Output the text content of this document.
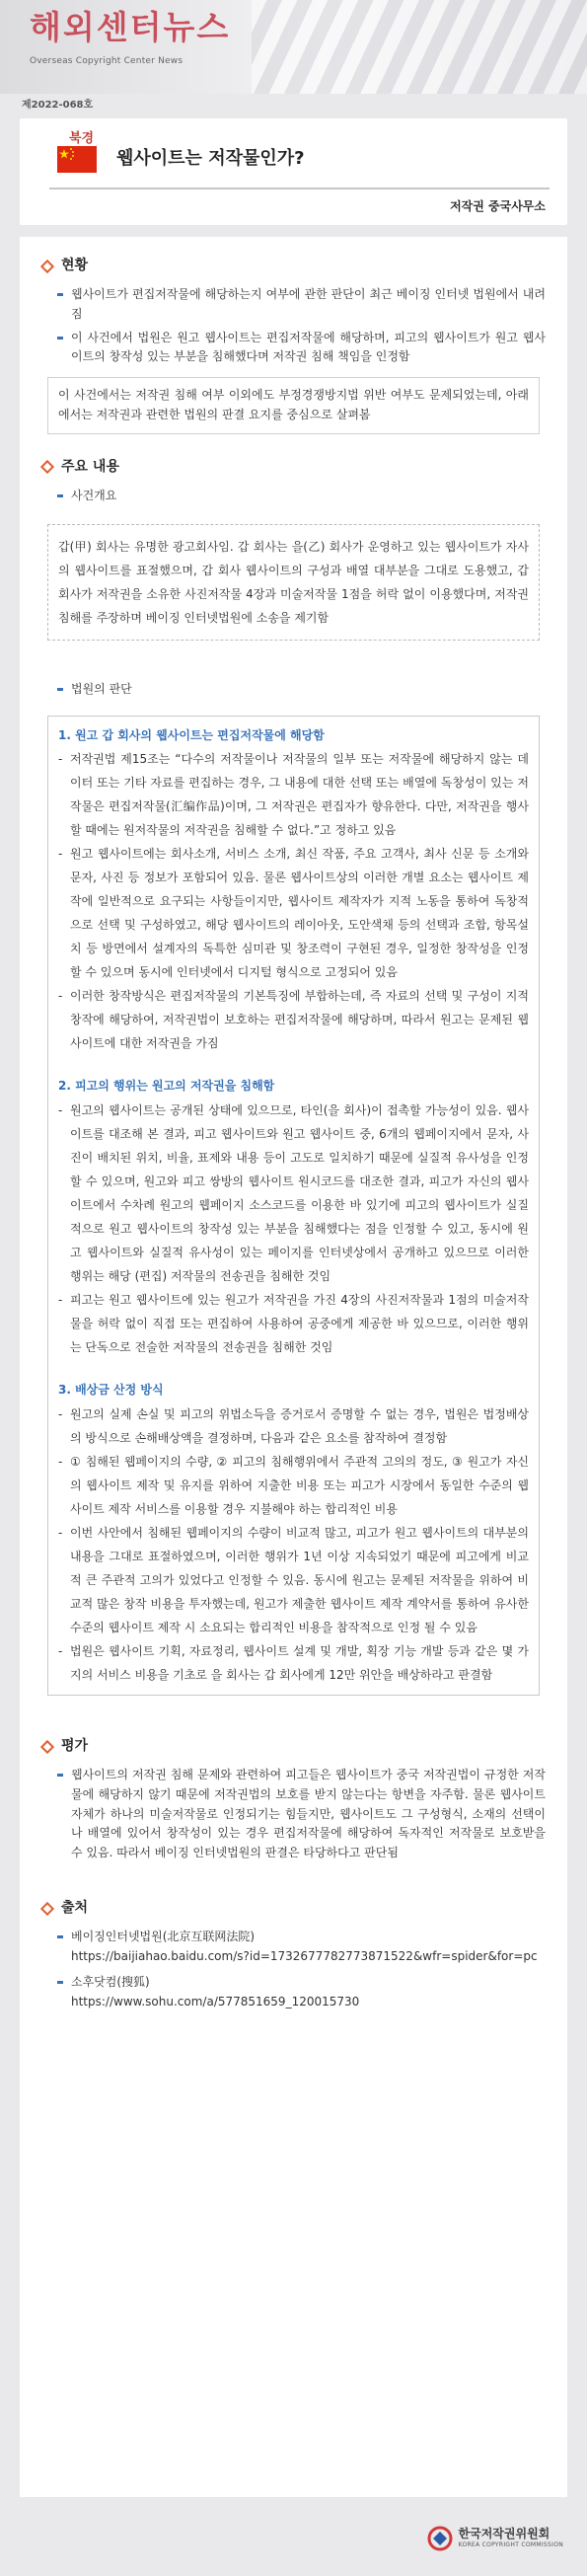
해외센터뉴스
Overseas Copyright Center News
제2022-068호
북경
웹사이트는 저작물인가?
저작권 중국사무소
현황
웹사이트가 편집저작물에 해당하는지 여부에 관한 판단이 최근 베이징 인터넷 법원에서 내려짐
이 사건에서 법원은 원고 웹사이트는 편집저작물에 해당하며, 피고의 웹사이트가 원고 웹사이트의 창작성 있는 부분을 침해했다며 저작권 침해 책임을 인정함
이 사건에서는 저작권 침해 여부 이외에도 부정경쟁방지법 위반 여부도 문제되었는데, 아래에서는 저작권과 관련한 법원의 판결 요지를 중심으로 살펴봄
주요 내용
사건개요
갑(甲) 회사는 유명한 광고회사임. 갑 회사는 을(乙) 회사가 운영하고 있는 웹사이트가 자사의 웹사이트를 표절했으며, 갑 회사 웹사이트의 구성과 배열 대부분을 그대로 도용했고, 갑 회사가 저작권을 소유한 사진저작물 4장과 미술저작물 1점을 허락 없이 이용했다며, 저작권 침해를 주장하며 베이징 인터넷법원에 소송을 제기함
법원의 판단
1. 원고 갑 회사의 웹사이트는 편집저작물에 해당함
- 저작권법 제15조는 “다수의 저작물이나 저작물의 일부 또는 저작물에 해당하지 않는 데이터 또는 기타 자료를 편집하는 경우, 그 내용에 대한 선택 또는 배열에 독창성이 있는 저작물은 편집저작물(汇编作品)이며, 그 저작권은 편집자가 향유한다. 다만, 저작권을 행사할 때에는 원저작물의 저작권을 침해할 수 없다.”고 정하고 있음
- 원고 웹사이트에는 회사소개, 서비스 소개, 최신 작품, 주요 고객사, 최사 신문 등 소개와 문자, 사진 등 정보가 포함되어 있음. 물론 웹사이트상의 이러한 개별 요소는 웹사이트 제작에 일반적으로 요구되는 사항들이지만, 웹사이트 제작자가 지적 노동을 통하여 독창적으로 선택 및 구성하였고, 해당 웹사이트의 레이아웃, 도안색채 등의 선택과 조합, 항목설치 등 방면에서 설계자의 독특한 심미관 및 창조력이 구현된 경우, 일정한 창작성을 인정할 수 있으며 동시에 인터넷에서 디지털 형식으로 고정되어 있음
- 이러한 창작방식은 편집저작물의 기본특징에 부합하는데, 즉 자료의 선택 및 구성이 지적 창작에 해당하여, 저작권법이 보호하는 편집저작물에 해당하며, 따라서 원고는 문제된 웹사이트에 대한 저작권을 가짐
2. 피고의 행위는 원고의 저작권을 침해함
- 원고의 웹사이트는 공개된 상태에 있으므로, 타인(을 회사)이 접촉할 가능성이 있음. 웹사이트를 대조해 본 결과, 피고 웹사이트와 원고 웹사이트 중, 6개의 웹페이지에서 문자, 사진이 배치된 위치, 비율, 표제와 내용 등이 고도로 일치하기 때문에 실질적 유사성을 인정할 수 있으며, 원고와 피고 쌍방의 웹사이트 원시코드를 대조한 결과, 피고가 자신의 웹사이트에서 수차례 원고의 웹페이지 소스코드를 이용한 바 있기에 피고의 웹사이트가 실질적으로 원고 웹사이트의 창작성 있는 부분을 침해했다는 점을 인정할 수 있고, 동시에 원고 웹사이트와 실질적 유사성이 있는 페이지를 인터넷상에서 공개하고 있으므로 이러한 행위는 해당 (편집) 저작물의 전송권을 침해한 것임
- 피고는 원고 웹사이트에 있는 원고가 저작권을 가진 4장의 사진저작물과 1점의 미술저작물을 허락 없이 직접 또는 편집하여 사용하여 공중에게 제공한 바 있으므로, 이러한 행위는 단독으로 전술한 저작물의 전송권을 침해한 것임
3. 배상금 산정 방식
- 원고의 실제 손실 및 피고의 위법소득을 증거로서 증명할 수 없는 경우, 법원은 법정배상의 방식으로 손해배상액을 결정하며, 다음과 같은 요소를 참작하여 결정함
- ① 침해된 웹페이지의 수량, ② 피고의 침해행위에서 주관적 고의의 정도, ③ 원고가 자신의 웹사이트 제작 및 유지를 위하여 지출한 비용 또는 피고가 시장에서 동일한 수준의 웹사이트 제작 서비스를 이용할 경우 지불해야 하는 합리적인 비용
- 이번 사안에서 침해된 웹페이지의 수량이 비교적 많고, 피고가 원고 웹사이트의 대부분의 내용을 그대로 표절하였으며, 이러한 행위가 1년 이상 지속되었기 때문에 피고에게 비교적 큰 주관적 고의가 있었다고 인정할 수 있음. 동시에 원고는 문제된 저작물을 위하여 비교적 많은 창작 비용을 투자했는데, 원고가 제출한 웹사이트 제작 계약서를 통하여 유사한 수준의 웹사이트 제작 시 소요되는 합리적인 비용을 참작적으로 인정 될 수 있음
- 법원은 웹사이트 기획, 자료정리, 웹사이트 설계 및 개발, 획장 기능 개발 등과 같은 몇 가지의 서비스 비용을 기초로 을 회사는 갑 회사에게 12만 위안을 배상하라고 판결함
평가
웹사이트의 저작권 침해 문제와 관련하여 피고들은 웹사이트가 중국 저작권법이 규정한 저작물에 해당하지 않기 때문에 저작권법의 보호를 받지 않는다는 항변을 자주함. 물론 웹사이트 자체가 하나의 미술저작물로 인정되기는 힘들지만, 웹사이트도 그 구성형식, 소재의 선택이나 배열에 있어서 창작성이 있는 경우 편집저작물에 해당하여 독자적인 저작물로 보호받을 수 있음. 따라서 베이징 인터넷법원의 판결은 타당하다고 판단됨
출처
베이징인터넷법원(北京互联网法院)
https://baijiahao.baidu.com/s?id=1732677782773871522&wfr=spider&for=pc
소후닷컴(搜狐)
https://www.sohu.com/a/577851659_120015730
한국저작권위원회
KOREA COPYRIGHT COMMISSION
